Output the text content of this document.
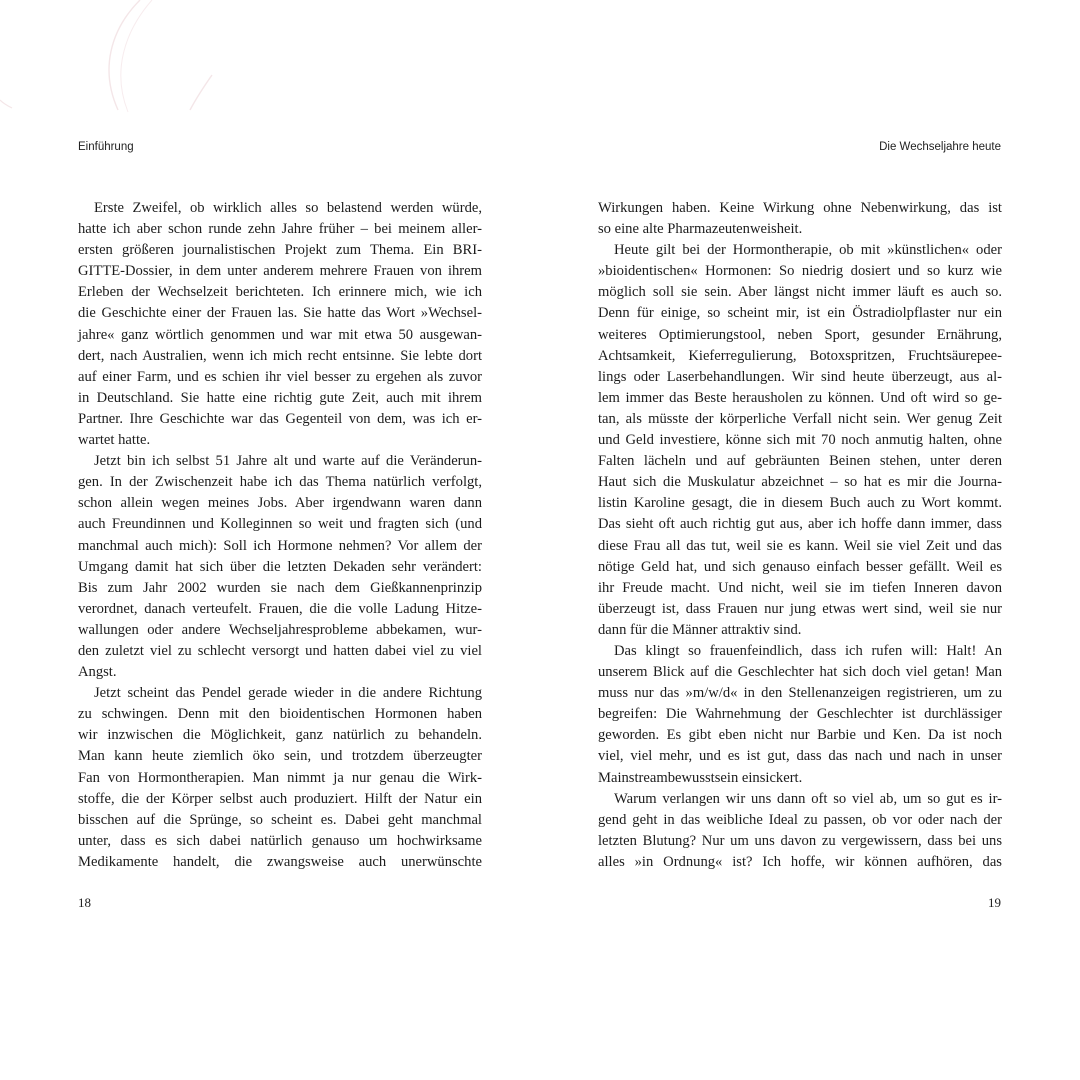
Einführung	Die Wechseljahre heute
Erste Zweifel, ob wirklich alles so belastend werden würde,
hatte ich aber schon runde zehn Jahre früher – bei meinem aller-
ersten größeren journalistischen Projekt zum Thema. Ein BRI-
GITTE-Dossier, in dem unter anderem mehrere Frauen von ihrem
Erleben der Wechselzeit berichteten. Ich erinnere mich, wie ich
die Geschichte einer der Frauen las. Sie hatte das Wort »Wechsel-
jahre« ganz wörtlich genommen und war mit etwa 50 ausgewan-
dert, nach Australien, wenn ich mich recht entsinne. Sie lebte dort
auf einer Farm, und es schien ihr viel besser zu ergehen als zuvor
in Deutschland. Sie hatte eine richtig gute Zeit, auch mit ihrem
Partner. Ihre Geschichte war das Gegenteil von dem, was ich er-
wartet hatte.
Jetzt bin ich selbst 51 Jahre alt und warte auf die Veränderun-
gen. In der Zwischenzeit habe ich das Thema natürlich verfolgt,
schon allein wegen meines Jobs. Aber irgendwann waren dann
auch Freundinnen und Kolleginnen so weit und fragten sich (und
manchmal auch mich): Soll ich Hormone nehmen? Vor allem der
Umgang damit hat sich über die letzten Dekaden sehr verändert:
Bis zum Jahr 2002 wurden sie nach dem Gießkannenprinzip
verordnet, danach verteufelt. Frauen, die die volle Ladung Hitze-
wallungen oder andere Wechseljahresprobleme abbekamen, wur-
den zuletzt viel zu schlecht versorgt und hatten dabei viel zu viel
Angst.
Jetzt scheint das Pendel gerade wieder in die andere Richtung
zu schwingen. Denn mit den bioidentischen Hormonen haben
wir inzwischen die Möglichkeit, ganz natürlich zu behandeln.
Man kann heute ziemlich öko sein, und trotzdem überzeugter
Fan von Hormontherapien. Man nimmt ja nur genau die Wirk-
stoffe, die der Körper selbst auch produziert. Hilft der Natur ein
bisschen auf die Sprünge, so scheint es. Dabei geht manchmal
unter, dass es sich dabei natürlich genauso um hochwirksame
Medikamente handelt, die zwangsweise auch unerwünschte
Wirkungen haben. Keine Wirkung ohne Nebenwirkung, das ist
so eine alte Pharmazeutenweisheit.
Heute gilt bei der Hormontherapie, ob mit »künstlichen« oder
»bioidentischen« Hormonen: So niedrig dosiert und so kurz wie
möglich soll sie sein. Aber längst nicht immer läuft es auch so.
Denn für einige, so scheint mir, ist ein Östradiolpflaster nur ein
weiteres Optimierungstool, neben Sport, gesunder Ernährung,
Achtsamkeit, Kieferregulierung, Botoxspritzen, Fruchtsäurepee-
lings oder Laserbehandlungen. Wir sind heute überzeugt, aus al-
lem immer das Beste herausholen zu können. Und oft wird so ge-
tan, als müsste der körperliche Verfall nicht sein. Wer genug Zeit
und Geld investiere, könne sich mit 70 noch anmutig halten, ohne
Falten lächeln und auf gebräunten Beinen stehen, unter deren
Haut sich die Muskulatur abzeichnet – so hat es mir die Journa-
listin Karoline gesagt, die in diesem Buch auch zu Wort kommt.
Das sieht oft auch richtig gut aus, aber ich hoffe dann immer, dass
diese Frau all das tut, weil sie es kann. Weil sie viel Zeit und das
nötige Geld hat, und sich genauso einfach besser gefällt. Weil es
ihr Freude macht. Und nicht, weil sie im tiefen Inneren davon
überzeugt ist, dass Frauen nur jung etwas wert sind, weil sie nur
dann für die Männer attraktiv sind.
Das klingt so frauenfeindlich, dass ich rufen will: Halt! An
unserem Blick auf die Geschlechter hat sich doch viel getan! Man
muss nur das »m/w/d« in den Stellenanzeigen registrieren, um zu
begreifen: Die Wahrnehmung der Geschlechter ist durchlässiger
geworden. Es gibt eben nicht nur Barbie und Ken. Da ist noch
viel, viel mehr, und es ist gut, dass das nach und nach in unser
Mainstreambewusstsein einsickert.
Warum verlangen wir uns dann oft so viel ab, um so gut es ir-
gend geht in das weibliche Ideal zu passen, ob vor oder nach der
letzten Blutung? Nur um uns davon zu vergewissern, dass bei uns
alles »in Ordnung« ist? Ich hoffe, wir können aufhören, das
18	19
